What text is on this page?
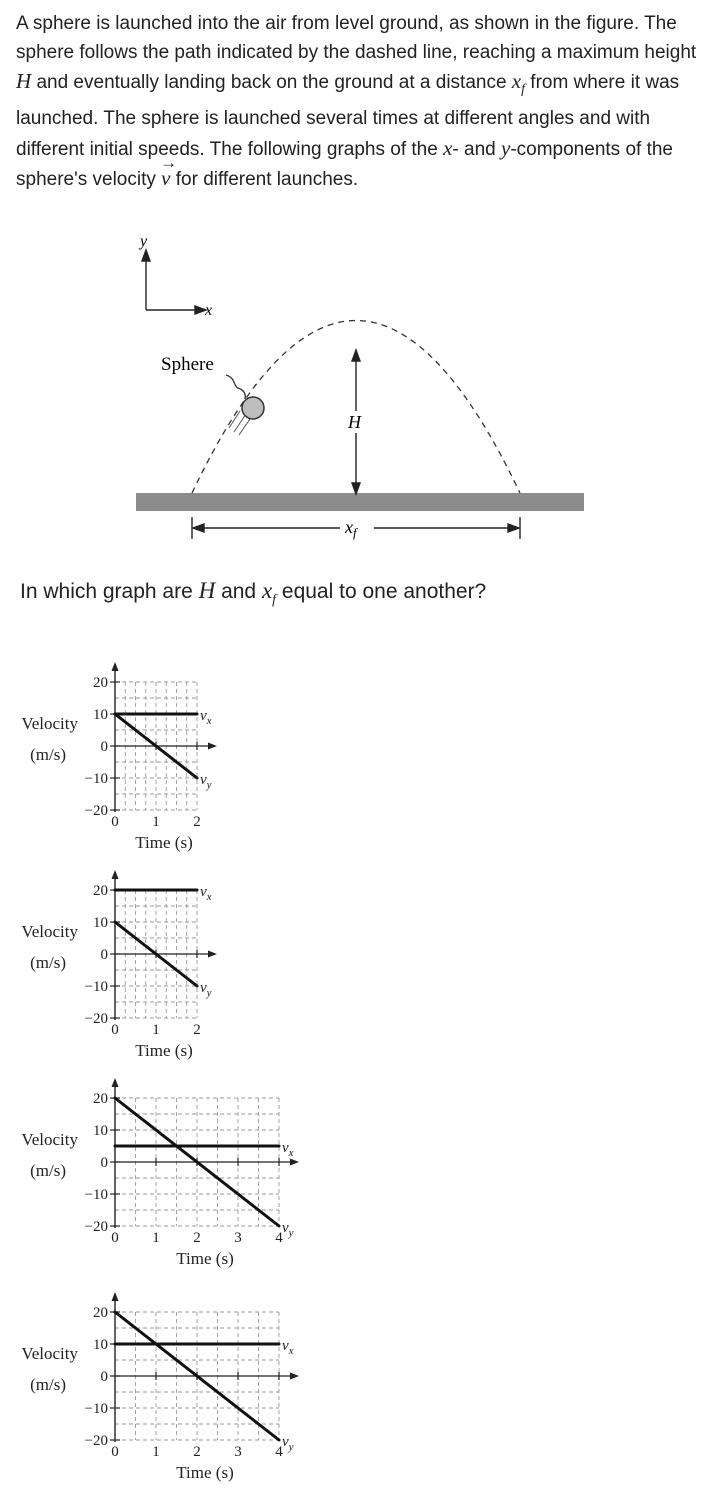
A sphere is launched into the air from level ground, as shown in the figure. The sphere follows the path indicated by the dashed line, reaching a maximum height H and eventually landing back on the ground at a distance $x_f$ from where it was launched. The sphere is launched several times at different angles and with different initial speeds. The following graphs of the x- and y-components of the sphere's velocity → v for different launches.

y
x
Sphere
H
$x_f$
In which graph are H and $x_f$ equal to one another?
20
10
0
−10
−20
0 1 2
$v_x$
$v_y$
Velocity
(m/s)
Time (s)
20
10
0
−10
−20
0 1 2
$v_x$
$v_y$
Velocity
(m/s)
Time (s)
20
10
0
−10
−20
0 1 2 3 4
$v_x$
$v_y$
Velocity
(m/s)
Time (s)
20
10
0
−10
−20
0 1 2 3 4
$v_x$
$v_y$
Velocity
(m/s)
Time (s)
